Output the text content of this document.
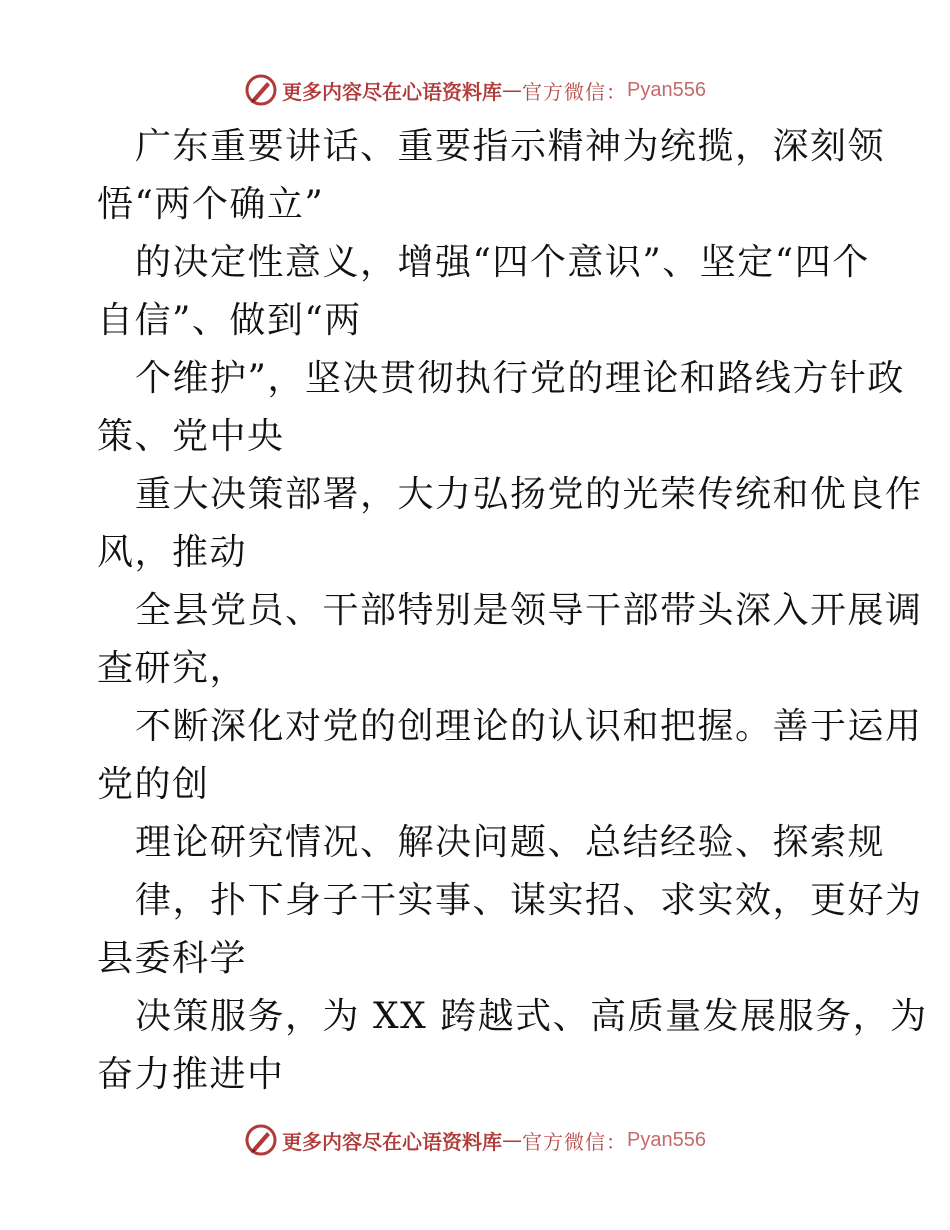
更多内容尽在心语资料库 — 官方微信： Pyan556
广东重要讲话、重要指示精神为统揽，深刻领
悟“两个确立”
的决定性意义，增强“四个意识”、坚定“四个
自信”、做到“两
个维护”，坚决贯彻执行党的理论和路线方针政
策、党中央
重大决策部署，大力弘扬党的光荣传统和优良作
风，推动
全县党员、干部特别是领导干部带头深入开展调
查研究，
不断深化对党的创理论的认识和把握。善于运用
党的创
理论研究情况、解决问题、总结经验、探索规
律，扑下身子干实事、谋实招、求实效，更好为
县委科学
决策服务，为 XX 跨越式、高质量发展服务，为
奋力推进中
更多内容尽在心语资料库 — 官方微信： Pyan556
